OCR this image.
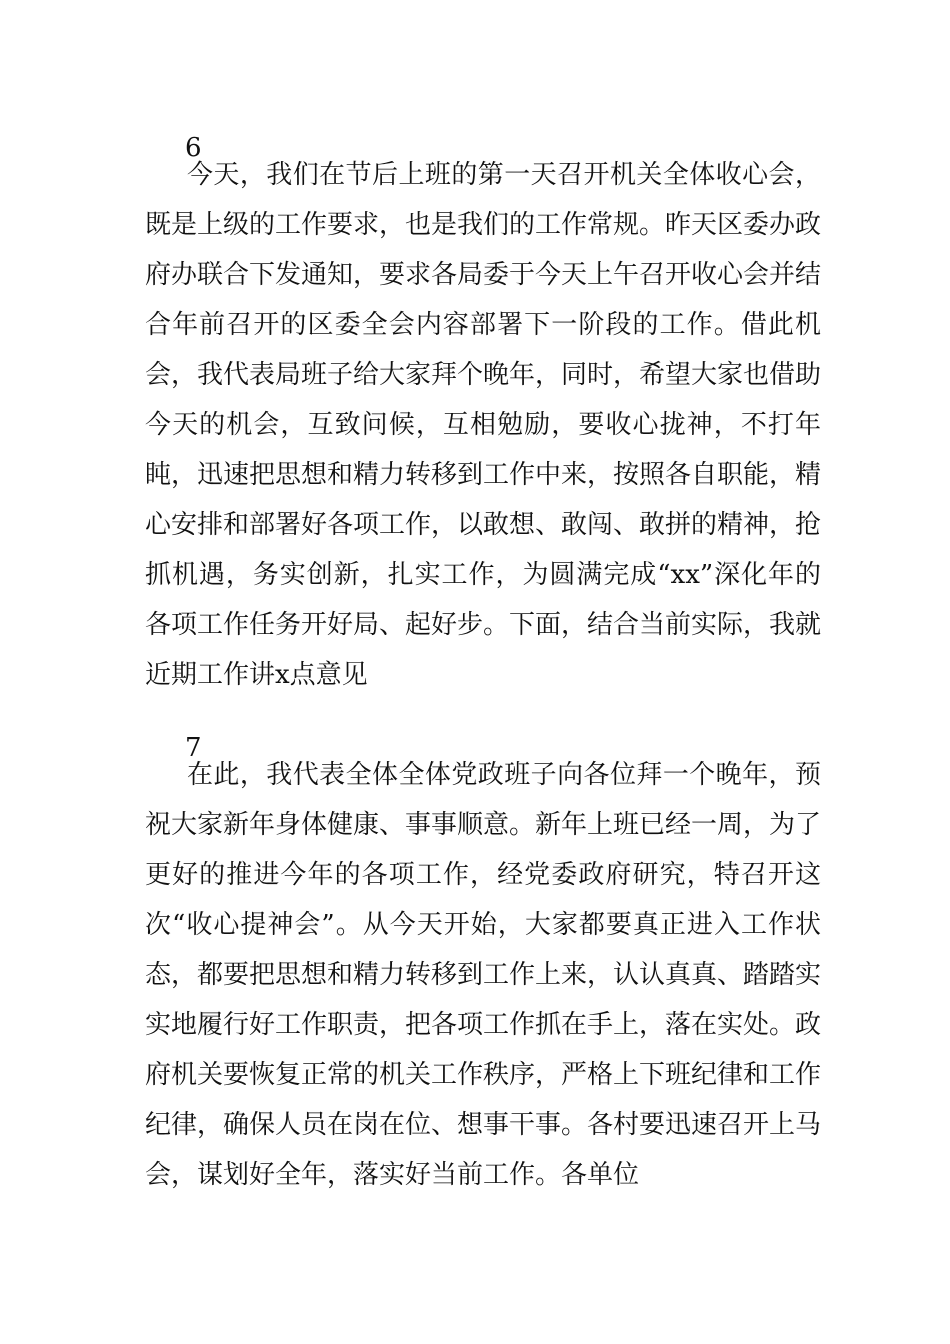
6

今天，我们在节后上班的第一天召开机关全体收心会，既是上级的工作要求，也是我们的工作常规。昨天区委办政府办联合下发通知，要求各局委于今天上午召开收心会并结合年前召开的区委全会内容部署下一阶段的工作。借此机会，我代表局班子给大家拜个晚年，同时，希望大家也借助今天的机会，互致问候，互相勉励，要收心拢神，不打年盹，迅速把思想和精力转移到工作中来，按照各自职能，精心安排和部署好各项工作，以敢想、敢闯、敢拼的精神，抢抓机遇，务实创新，扎实工作，为圆满完成“xx”深化年的各项工作任务开好局、起好步。下面，结合当前实际，我就近期工作讲x点意见

7

在此，我代表全体全体党政班子向各位拜一个晚年，预祝大家新年身体健康、事事顺意。新年上班已经一周，为了更好的推进今年的各项工作，经党委政府研究，特召开这次“收心提神会”。从今天开始，大家都要真正进入工作状态，都要把思想和精力转移到工作上来，认认真真、踏踏实实地履行好工作职责，把各项工作抓在手上，落在实处。政府机关要恢复正常的机关工作秩序，严格上下班纪律和工作纪律，确保人员在岗在位、想事干事。各村要迅速召开上马会，谋划好全年，落实好当前工作。各单位
